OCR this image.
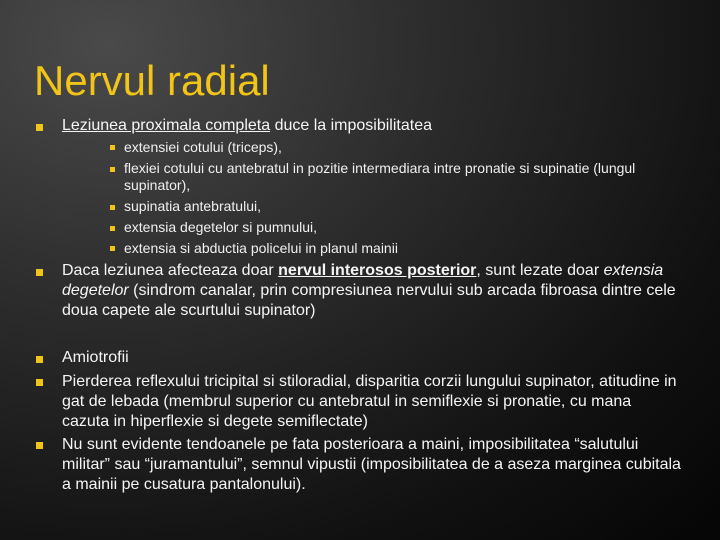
Nervul radial
Leziunea proximala completa duce la imposibilitatea
extensiei cotului (triceps),
flexiei cotului cu antebratul in pozitie intermediara intre pronatie si supinatie (lungul supinator),
supinatia antebratului,
extensia degetelor si pumnului,
extensia si abductia policelui in planul mainii
Daca leziunea afecteaza doar nervul interosos posterior, sunt lezate doar extensia degetelor (sindrom canalar, prin compresiunea nervului sub arcada fibroasa dintre cele doua capete ale scurtului supinator)
Amiotrofii
Pierderea reflexului tricipital si stiloradial, disparitia corzii lungului supinator, atitudine in gat de lebada (membrul superior cu antebratul in semiflexie si pronatie, cu mana cazuta in hiperflexie si degete semiflectate)
Nu sunt evidente tendoanele pe fata posterioara a maini, imposibilitatea “salutului militar” sau “juramantului”, semnul vipustii (imposibilitatea de a aseza marginea cubitala a mainii pe cusatura pantalonului).
